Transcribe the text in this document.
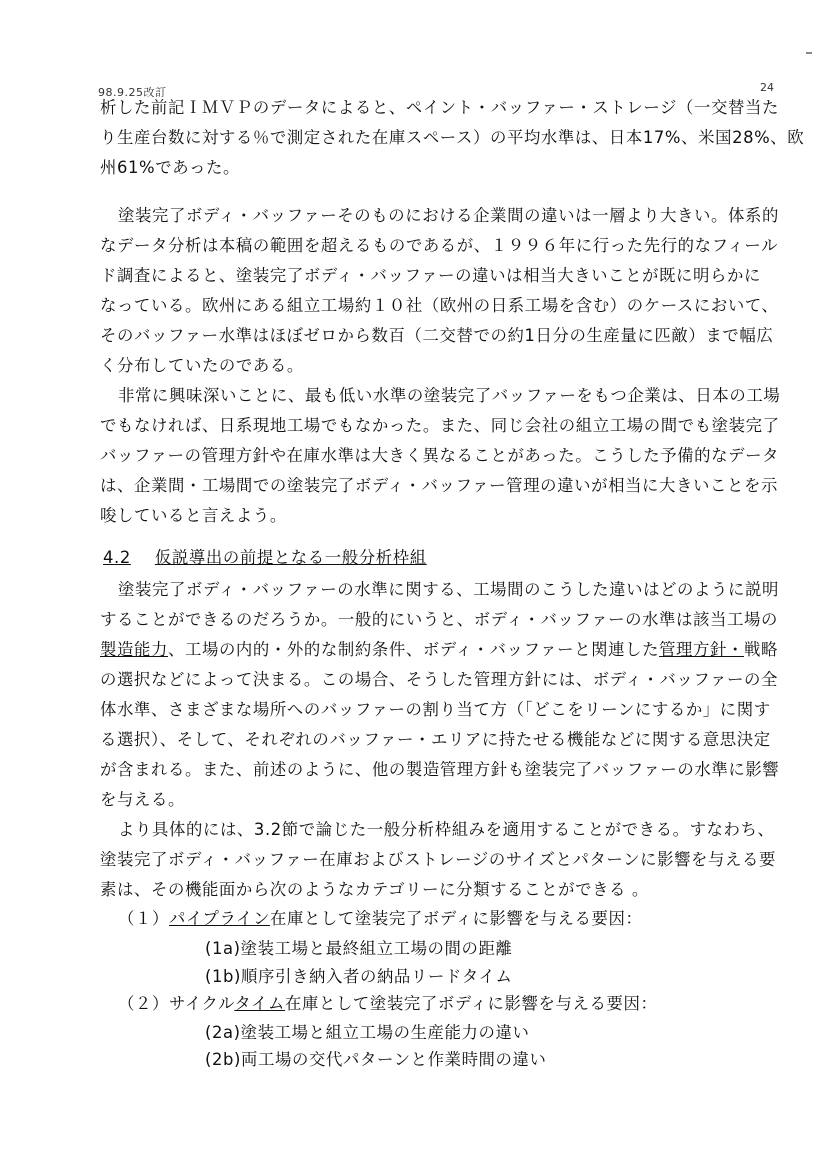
98.9.25改訂	24
析した前記ＩＭＶＰのデータによると、ペイント・バッファー・ストレージ（一交替当た
り生産台数に対する％で測定された在庫スペース）の平均水準は、日本17%、米国28%、欧
州61%であった。
塗装完了ボディ・バッファーそのものにおける企業間の違いは一層より大きい。体系的
なデータ分析は本稿の範囲を超えるものであるが、１９９６年に行った先行的なフィール
ド調査によると、塗装完了ボディ・バッファーの違いは相当大きいことが既に明らかに
なっている。欧州にある組立工場約１０社（欧州の日系工場を含む）のケースにおいて、
そのバッファー水準はほぼゼロから数百（二交替での約1日分の生産量に匹敵）まで幅広
く分布していたのである。
非常に興味深いことに、最も低い水準の塗装完了バッファーをもつ企業は、日本の工場
でもなければ、日系現地工場でもなかった。また、同じ会社の組立工場の間でも塗装完了
バッファーの管理方針や在庫水準は大きく異なることがあった。こうした予備的なデータ
は、企業間・工場間での塗装完了ボディ・バッファー管理の違いが相当に大きいことを示
唆していると言えよう。
4.2 仮説導出の前提となる一般分析枠組
塗装完了ボディ・バッファーの水準に関する、工場間のこうした違いはどのように説明
することができるのだろうか。一般的にいうと、ボディ・バッファーの水準は該当工場の
製造能力、工場の内的・外的な制約条件、ボディ・バッファーと関連した管理方針・戦略
の選択などによって決まる。この場合、そうした管理方針には、ボディ・バッファーの全
体水準、さまざまな場所へのバッファーの割り当て方（「どこをリーンにするか」に関す
る選択）、そして、それぞれのバッファー・エリアに持たせる機能などに関する意思決定
が含まれる。また、前述のように、他の製造管理方針も塗装完了バッファーの水準に影響
を与える。
より具体的には、3.2節で論じた一般分析枠組みを適用することができる。すなわち、
塗装完了ボディ・バッファー在庫およびストレージのサイズとパターンに影響を与える要
素は、その機能面から次のようなカテゴリーに分類することができる 。
（１）パイプライン在庫として塗装完了ボディに影響を与える要因：
(1a)塗装工場と最終組立工場の間の距離
(1b)順序引き納入者の納品リードタイム
（２）サイクルタイム在庫として塗装完了ボディに影響を与える要因：
(2a)塗装工場と組立工場の生産能力の違い
(2b)両工場の交代パターンと作業時間の違い
